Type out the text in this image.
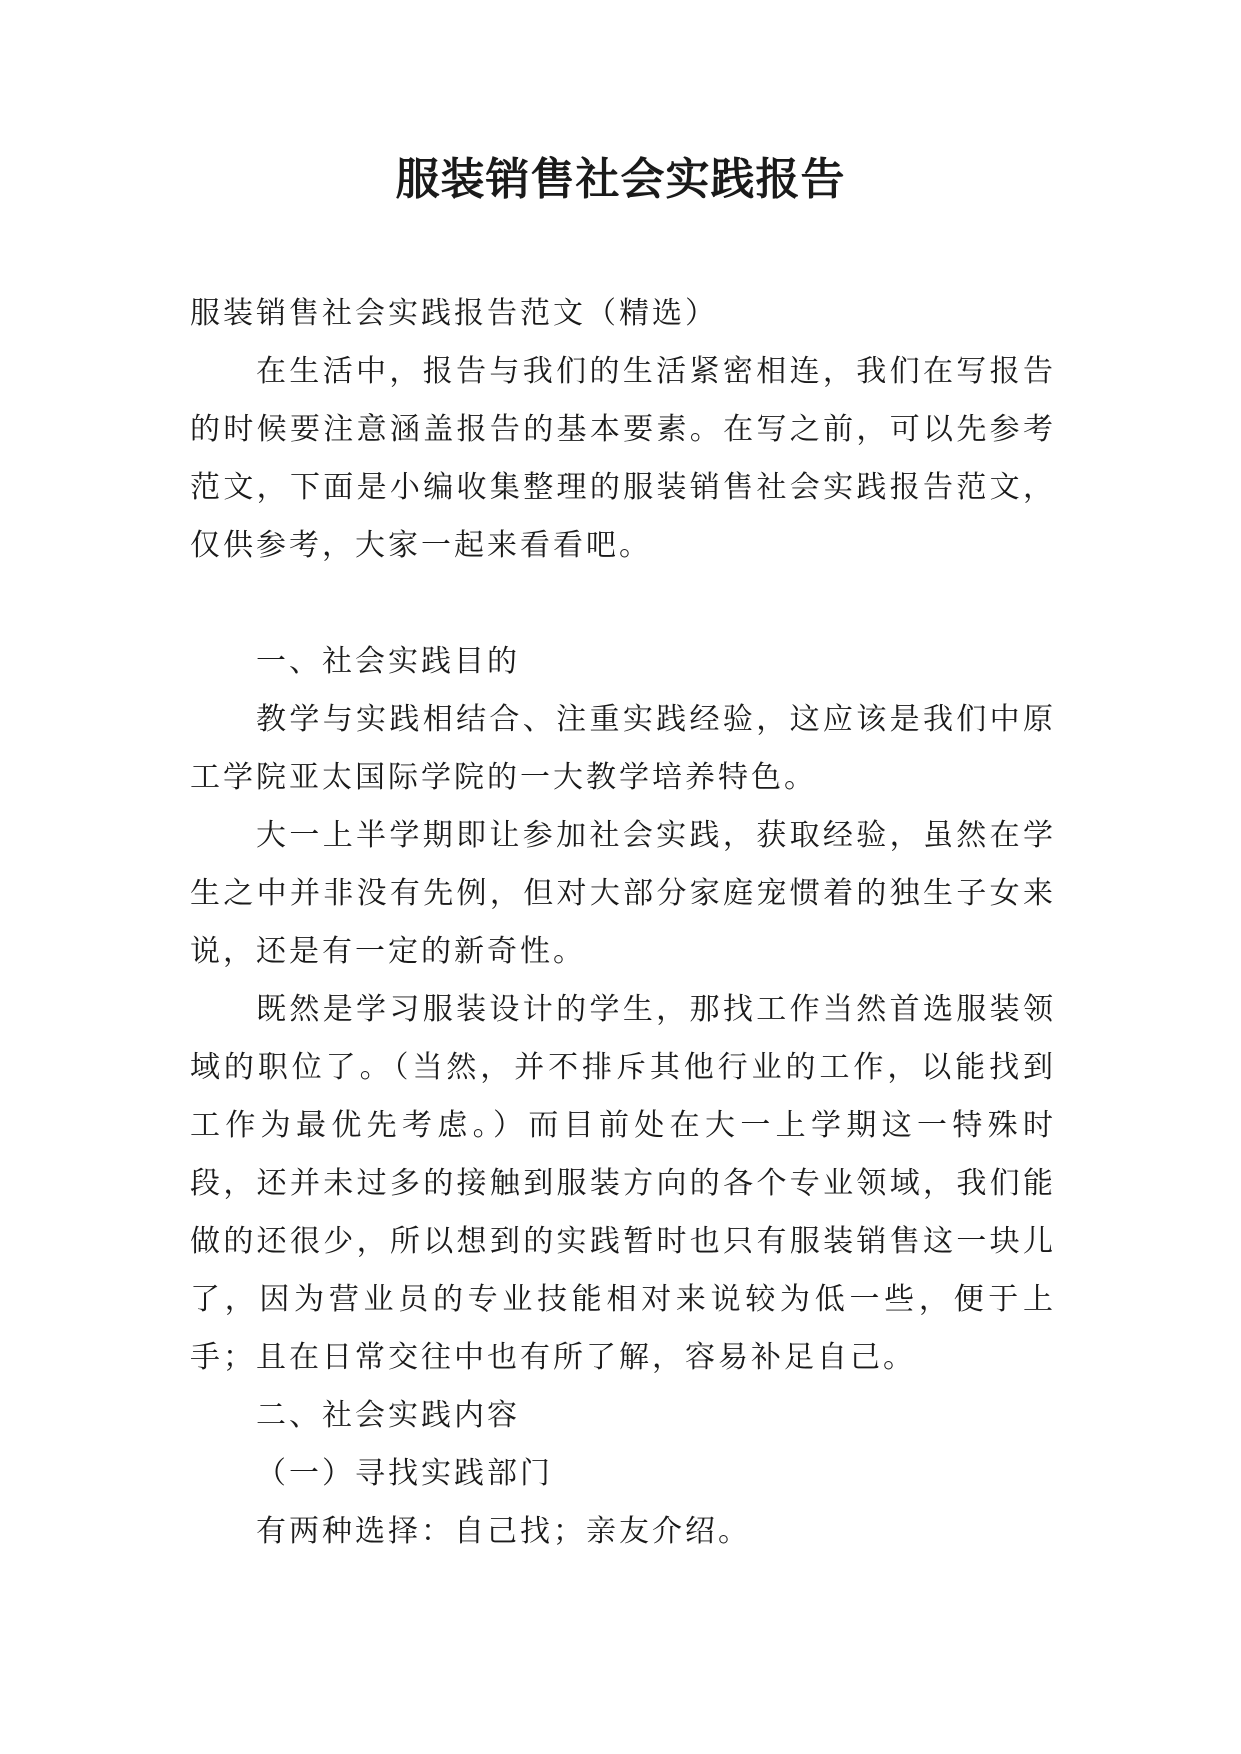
服装销售社会实践报告

服装销售社会实践报告范文（精选）

在生活中，报告与我们的生活紧密相连，我们在写报告的时候要注意涵盖报告的基本要素。在写之前，可以先参考范文，下面是小编收集整理的服装销售社会实践报告范文，仅供参考，大家一起来看看吧。

一、社会实践目的

教学与实践相结合、注重实践经验，这应该是我们中原工学院亚太国际学院的一大教学培养特色。

大一上半学期即让参加社会实践，获取经验，虽然在学生之中并非没有先例，但对大部分家庭宠惯着的独生子女来说，还是有一定的新奇性。

既然是学习服装设计的学生，那找工作当然首选服装领域的职位了。（当然，并不排斥其他行业的工作，以能找到工作为最优先考虑。）而目前处在大一上学期这一特殊时段，还并未过多的接触到服装方向的各个专业领域，我们能做的还很少，所以想到的实践暂时也只有服装销售这一块儿了，因为营业员的专业技能相对来说较为低一些，便于上手；且在日常交往中也有所了解，容易补足自己。

二、社会实践内容

（一）寻找实践部门

有两种选择：自己找；亲友介绍。
